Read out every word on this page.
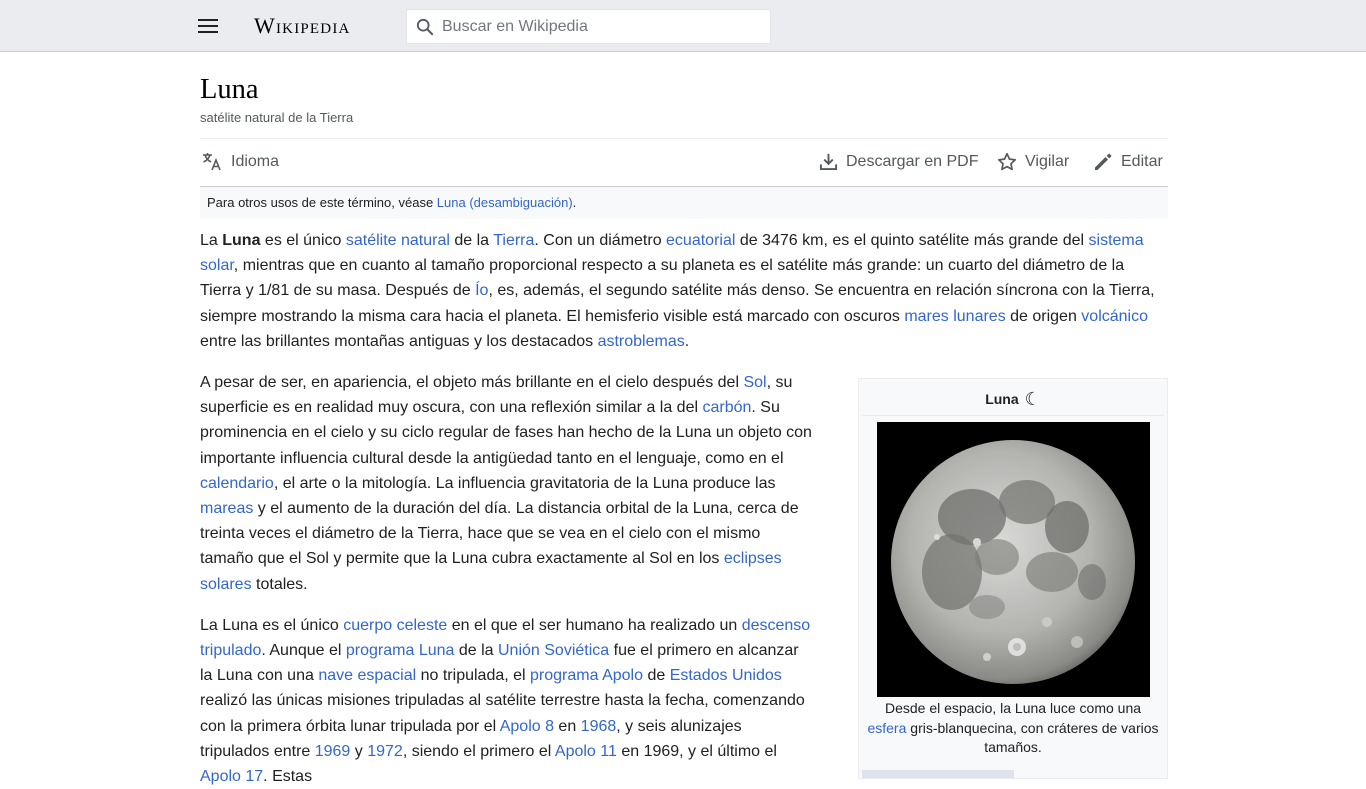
Wikipedia
Buscar en Wikipedia
Luna
satélite natural de la Tierra
Idioma	Descargar en PDF	Vigilar	Editar
Para otros usos de este término, véase Luna (desambiguación).

La Luna es el único satélite natural de la Tierra. Con un diámetro ecuatorial de 3476 km, es el quinto satélite más grande del sistema solar, mientras que en cuanto al tamaño proporcional respecto a su planeta es el satélite más grande: un cuarto del diámetro de la Tierra y 1/81 de su masa. Después de Ío, es, además, el segundo satélite más denso. Se encuentra en relación síncrona con la Tierra, siempre mostrando la misma cara hacia el planeta. El hemisferio visible está marcado con oscuros mares lunares de origen volcánico entre las brillantes montañas antiguas y los destacados astroblemas.

Luna ☾
Desde el espacio, la Luna luce como una esfera gris-blanquecina, con cráteres de varios tamaños.

A pesar de ser, en apariencia, el objeto más brillante en el cielo después del Sol, su superficie es en realidad muy oscura, con una reflexión similar a la del carbón. Su prominencia en el cielo y su ciclo regular de fases han hecho de la Luna un objeto con importante influencia cultural desde la antigüedad tanto en el lenguaje, como en el calendario, el arte o la mitología. La influencia gravitatoria de la Luna produce las mareas y el aumento de la duración del día. La distancia orbital de la Luna, cerca de treinta veces el diámetro de la Tierra, hace que se vea en el cielo con el mismo tamaño que el Sol y permite que la Luna cubra exactamente al Sol en los eclipses solares totales.

La Luna es el único cuerpo celeste en el que el ser humano ha realizado un descenso tripulado. Aunque el programa Luna de la Unión Soviética fue el primero en alcanzar la Luna con una nave espacial no tripulada, el programa Apolo de Estados Unidos realizó las únicas misiones tripuladas al satélite terrestre hasta la fecha, comenzando con la primera órbita lunar tripulada por el Apolo 8 en 1968, y seis alunizajes tripulados entre 1969 y 1972, siendo el primero el Apolo 11 en 1969, y el último el Apolo 17. Estas
